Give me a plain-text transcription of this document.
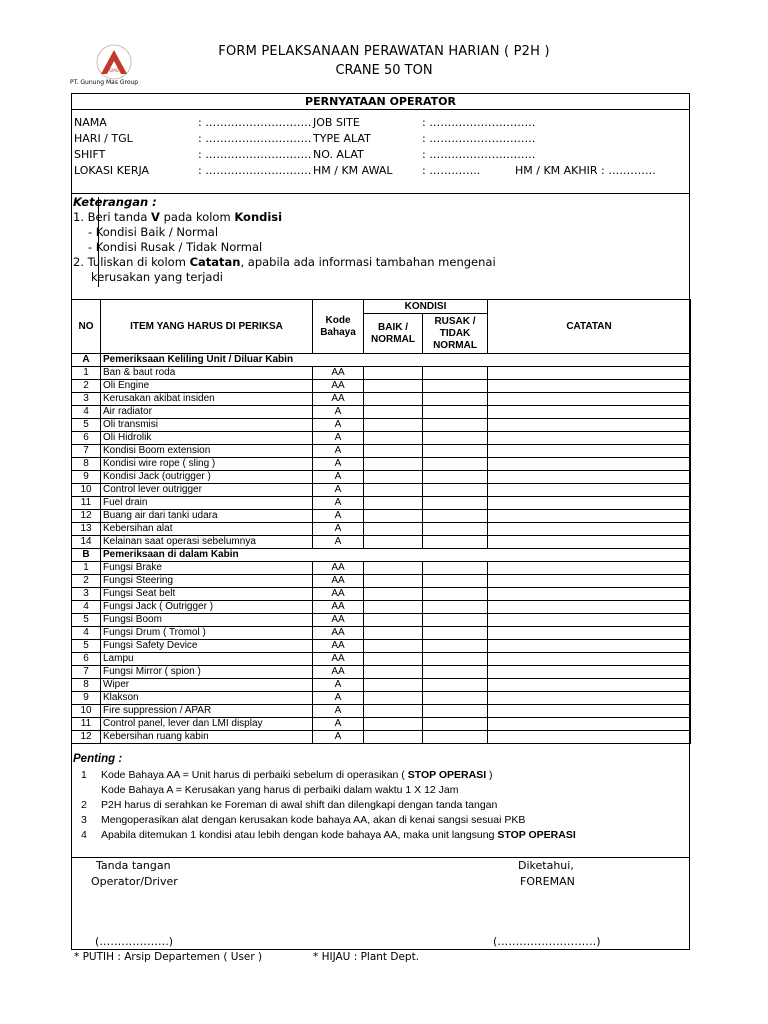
GMG
PT. Gunung Mas Group
FORM PELAKSANAAN PERAWATAN HARIAN ( P2H )
CRANE 50 TON
PERNYATAAN OPERATOR
NAMA	: ……………………….. JOB SITE	: ………………………..
HARI / TGL	: ……………………….. TYPE ALAT	: ………………………..
SHIFT	: ……………………….. NO. ALAT	: ………………………..
LOKASI KERJA	: ……………………….. HM / KM AWAL	: …………..	HM / KM AKHIR : ………….
Keterangan :
1. Beri tanda V pada kolom Kondisi
- Kondisi Baik / Normal
- Kondisi Rusak / Tidak Normal
2. Tuliskan di kolom Catatan, apabila ada informasi tambahan mengenai
kerusakan yang terjadi
NO	ITEM YANG HARUS DI PERIKSA	Kode Bahaya	KONDISI		CATATAN
			BAIK / NORMAL	RUSAK / TIDAK NORMAL	
A	Pemeriksaan Keliling Unit / Diluar Kabin				
1	Ban & baut roda	AA			
2	Oli Engine	AA			
3	Kerusakan akibat insiden	AA			
4	Air radiator	A			
5	Oli transmisi	A			
6	Oli Hidrolik	A			
7	Kondisi Boom extension	A			
8	Kondisi wire rope ( sling )	A			
9	Kondisi Jack (outrigger )	A			
10	Control lever outrigger	A			
11	Fuel drain	A			
12	Buang air dari tanki udara	A			
13	Kebersihan alat	A			
14	Kelainan saat operasi sebelumnya	A			
B	Pemeriksaan di dalam Kabin				
1	Fungsi Brake	AA			
2	Fungsi Steering	AA			
3	Fungsi Seat belt	AA			
4	Fungsi Jack ( Outrigger )	AA			
5	Fungsi Boom	AA			
4	Fungsi Drum ( Tromol )	AA			
5	Fungsi Safety Device	AA			
6	Lampu	AA			
7	Fungsi Mirror ( spion )	AA			
8	Wiper	A			
9	Klakson	A			
10	Fire suppression / APAR	A			
11	Control panel, lever dan LMI display	A			
12	Kebersihan ruang kabin	A			
Penting :
1 Kode Bahaya AA = Unit harus di perbaiki sebelum di operasikan ( STOP OPERASI )
Kode Bahaya A = Kerusakan yang harus di perbaiki dalam waktu 1 X 12 Jam
2 P2H harus di serahkan ke Foreman di awal shift dan dilengkapi dengan tanda tangan
3 Mengoperasikan alat dengan kerusakan kode bahaya AA, akan di kenai sangsi sesuai PKB
4 Apabila ditemukan 1 kondisi atau lebih dengan kode bahaya AA, maka unit langsung STOP OPERASI
Tanda tangan
Operator/Driver
(……………….)
Diketahui,
FOREMAN
(………………………)
* PUTIH : Arsip Departemen ( User )	* HIJAU : Plant Dept.
